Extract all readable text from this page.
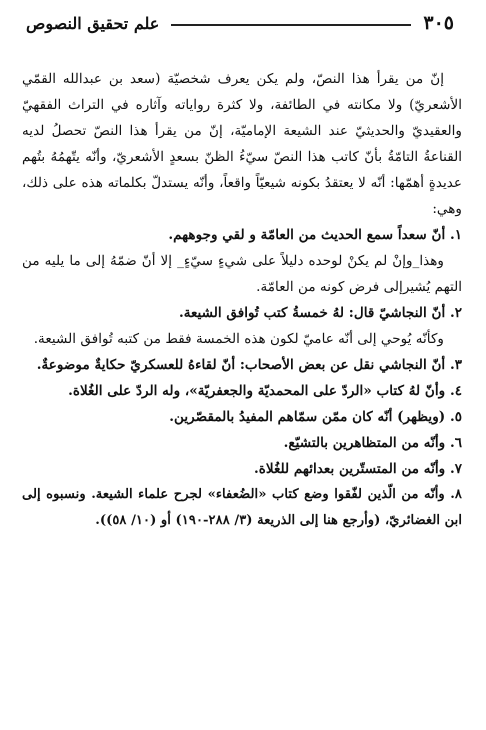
٣٠٥
علم تحقيق النصوص

إنّ من يقرأ هذا النصّ، ولم يكن يعرف شخصيّة (سعد بن عبدالله القمّي الأشعريّ) ولا مكانته في الطائفة، ولا كثرة رواياته وآثاره في التراث الفقهيّ والعقيديّ والحديثيّ عند الشيعة الإماميّة، إنّ من يقرأ هذا النصّ تحصلُ لديه القناعةُ التامّةُ بأنّ كاتب هذا النصّ سيّءُ الظنّ بسعدٍ الأشعريّ، وأنّه يتّهمُهُ بتُهم عديدةٍ أهمّها: أنّه لا يعتقدُ بكونه شيعيّاً واقعاً، وأنّه يستدلّ بكلماته هذه على ذلك، وهي:

١. أنّ سعداً سمع الحديث من العامّة و لقي وجوههم.

وهذا_وإنْ لم يكنْ لوحده دليلاً على شيءٍ سيّءٍ_ إلا أنّ ضمّهُ إلى ما يليه من التهم يُشيرإلى فرض كونه من العامّة.

٢. أنّ النجاشيّ قال: لهُ خمسةُ كتب تُوافق الشيعة.

وكأنّه يُوحي إلى أنّه عاميّ لكون هذه الخمسة فقط من كتبه تُوافق الشيعة.

٣. أنّ النجاشي نقل عن بعض الأصحاب: أنّ لقاءهُ للعسكريّ حكايةٌ موضوعةٌ.

٤. وأنّ لهُ كتاب «الردّ على المحمديّة والجعفريّة»، وله الردّ على الغُلاة.

٥. (ويظهر) أنّه كان ممّن سمّاهم المفيدُ بالمقصّرين.

٦. وأنّه من المتظاهرين بالتشيّع.

٧. وأنّه من المتستّرين بعدائهم للغُلاة.

٨. وأنّه من الّذين لفّقوا وضع كتاب «الضُعفاء» لجرح علماء الشيعة. ونسبوه إلى ابن الغضائريّ، (وأرجع هنا إلى الذريعة (٣/ ٢٨٨-١٩٠) أو (١٠/ ٥٨)).
